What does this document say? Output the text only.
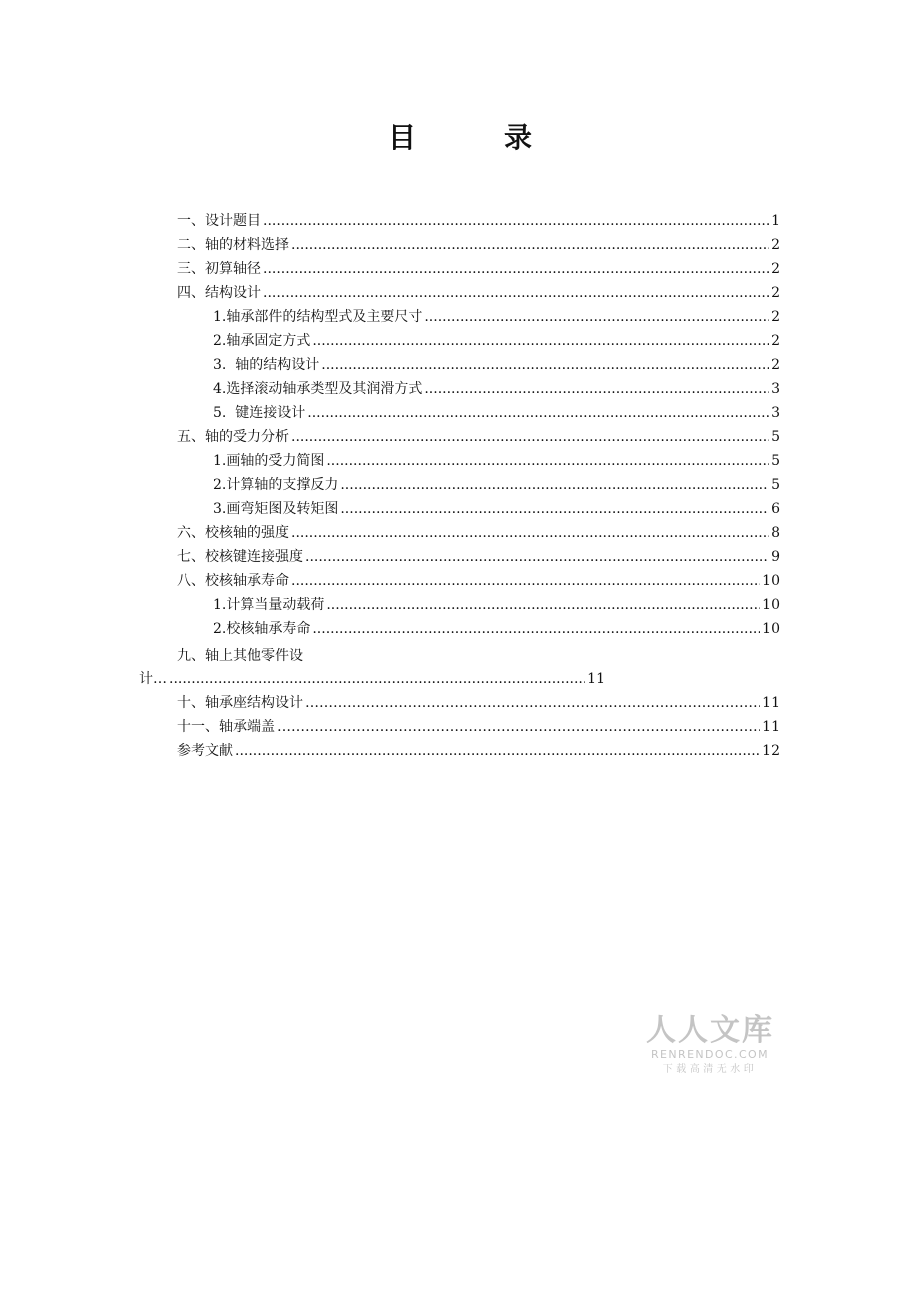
目　录
一、设计题目 .....	1
二、轴的材料选择 .....	2
三、初算轴径 .....	2
四、结构设计 .....	2
1.轴承部件的结构型式及主要尺寸 .....	2
2.轴承固定方式 .....	2
3.  轴的结构设计 .....	2
4.选择滚动轴承类型及其润滑方式 .....	3
5.  键连接设计 .....	3
五、轴的受力分析 .....	5
1.画轴的受力简图 .....	5
2.计算轴的支撑反力 .....	5
3.画弯矩图及转矩图 .....	6
六、校核轴的强度 .....	8
七、校核键连接强度 .....	9
八、校核轴承寿命 .....	10
1.计算当量动载荷 .....	10
2.校核轴承寿命 .....	10
九、轴上其他零件设
计… .....	11
十、轴承座结构设计 ………………………………………………………………………………………………………………………………………………………………………	11
十一、轴承端盖 ………………………………………………………………………………………………………………………………………………………………………	11
参考文献 .....	12
人人文库
RENRENDOC.COM
下载高清无水印
